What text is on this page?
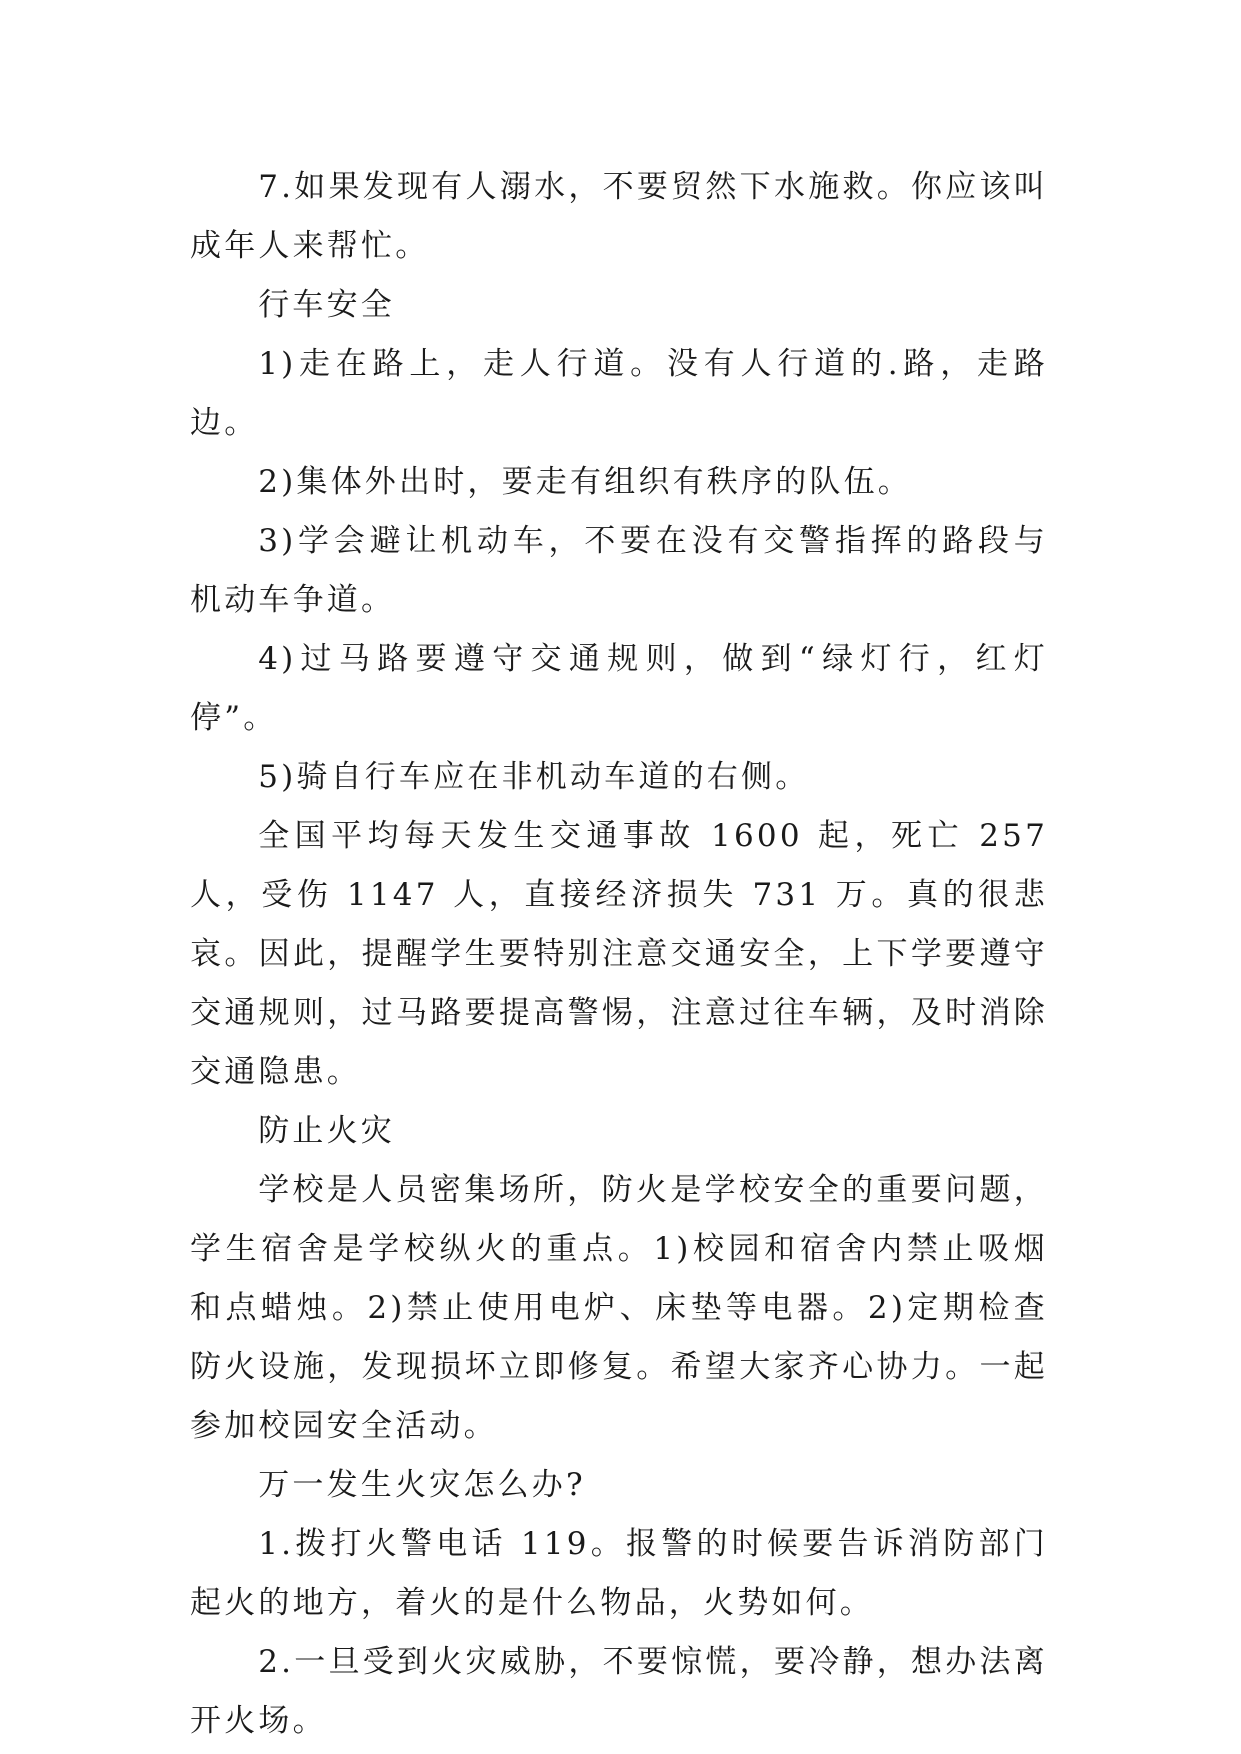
7.如果发现有人溺水，不要贸然下水施救。你应该叫成年人来帮忙。

行车安全

1)走在路上，走人行道。没有人行道的.路，走路边。

2)集体外出时，要走有组织有秩序的队伍。

3)学会避让机动车，不要在没有交警指挥的路段与机动车争道。

4)过马路要遵守交通规则，做到“绿灯行，红灯停”。

5)骑自行车应在非机动车道的右侧。

全国平均每天发生交通事故 1600 起，死亡 257 人，受伤 1147 人，直接经济损失 731 万。真的很悲哀。因此，提醒学生要特别注意交通安全，上下学要遵守交通规则，过马路要提高警惕，注意过往车辆，及时消除交通隐患。

防止火灾

学校是人员密集场所，防火是学校安全的重要问题，学生宿舍是学校纵火的重点。1)校园和宿舍内禁止吸烟和点蜡烛。2)禁止使用电炉、床垫等电器。2)定期检查防火设施，发现损坏立即修复。希望大家齐心协力。一起参加校园安全活动。

万一发生火灾怎么办?

1.拨打火警电话 119。报警的时候要告诉消防部门起火的地方，着火的是什么物品，火势如何。

2.一旦受到火灾威胁，不要惊慌，要冷静，想办法离开火场。
